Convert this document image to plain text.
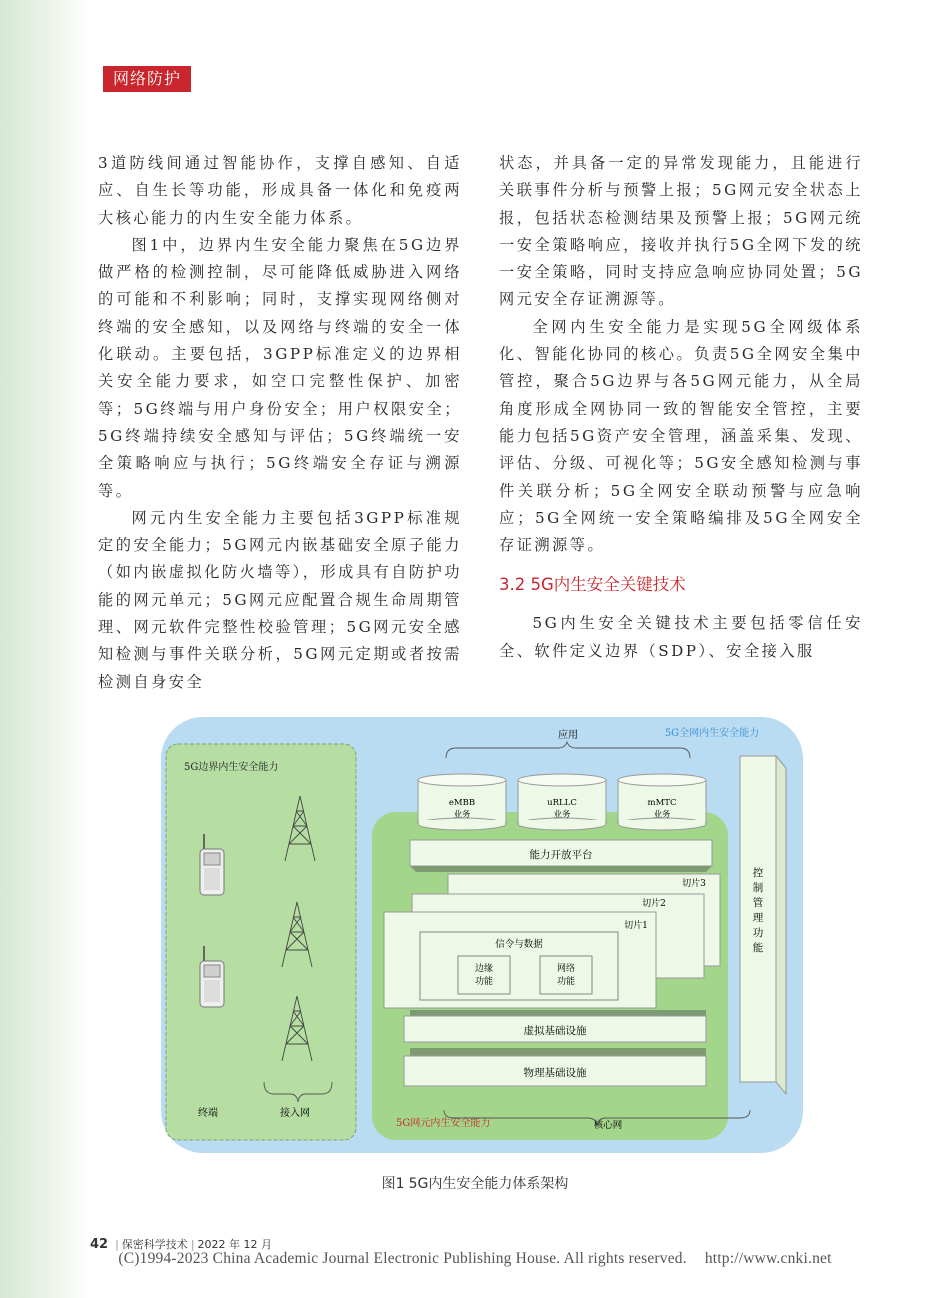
网络防护

3道防线间通过智能协作，支撑自感知、自适应、自生长等功能，形成具备一体化和免疫两大核心能力的内生安全能力体系。

图1中，边界内生安全能力聚焦在5G边界做严格的检测控制，尽可能降低威胁进入网络的可能和不利影响；同时，支撑实现网络侧对终端的安全感知，以及网络与终端的安全一体化联动。主要包括，3GPP标准定义的边界相关安全能力要求，如空口完整性保护、加密等；5G终端与用户身份安全；用户权限安全；5G终端持续安全感知与评估；5G终端统一安全策略响应与执行；5G终端安全存证与溯源等。

网元内生安全能力主要包括3GPP标准规定的安全能力；5G网元内嵌基础安全原子能力（如内嵌虚拟化防火墙等），形成具有自防护功能的网元单元；5G网元应配置合规生命周期管理、网元软件完整性校验管理；5G网元安全感知检测与事件关联分析，5G网元定期或者按需检测自身安全

状态，并具备一定的异常发现能力，且能进行关联事件分析与预警上报；5G网元安全状态上报，包括状态检测结果及预警上报；5G网元统一安全策略响应，接收并执行5G全网下发的统一安全策略，同时支持应急响应协同处置；5G网元安全存证溯源等。

全网内生安全能力是实现5G全网级体系化、智能化协同的核心。负责5G全网安全集中管控，聚合5G边界与各5G网元能力，从全局角度形成全网协同一致的智能安全管控，主要能力包括5G资产安全管理，涵盖采集、发现、评估、分级、可视化等；5G安全感知检测与事件关联分析；5G全网安全联动预警与应急响应；5G全网统一安全策略编排及5G全网安全存证溯源等。

3.2 5G内生安全关键技术

5G内生安全关键技术主要包括零信任安全、软件定义边界（SDP）、安全接入服

5G全网内生安全能力
5G边界内生安全能力
终端	接入网
5G网元内生安全能力
应用
eMBB
业务
uRLLC
业务
mMTC
业务
能力开放平台
切片3
切片2
切片1
信令与数据
边缘
功能
网络
功能
虚拟基础设施
物理基础设施
核心网
控
制
管
理
功
能
图1 5G内生安全能力体系架构
42 | 保密科学技术 | 2022 年 12 月
(C)1994-2023 China Academic Journal Electronic Publishing House. All rights reserved. http://www.cnki.net
